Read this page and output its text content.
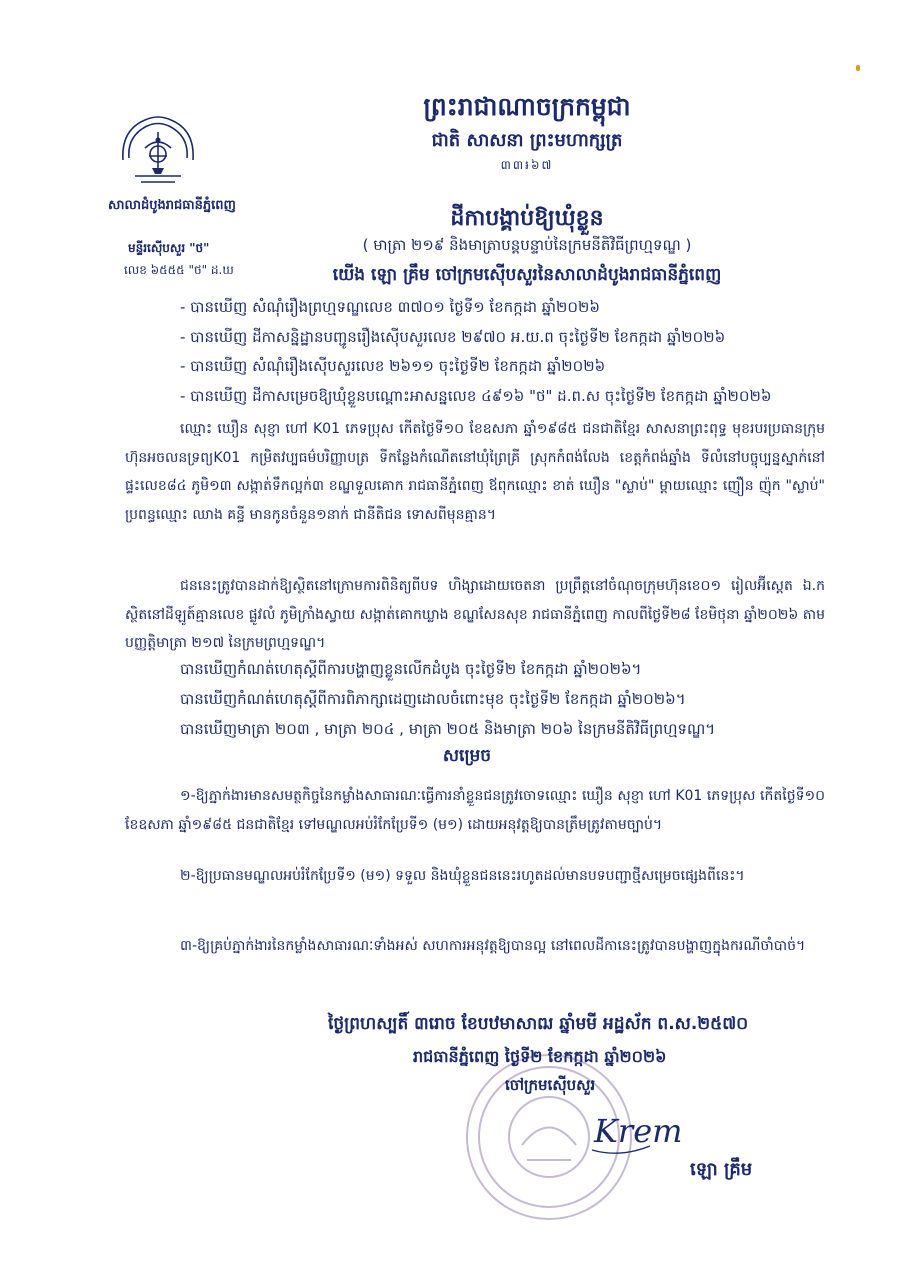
ព្រះរាជាណាចក្រកម្ពុជា
ជាតិ សាសនា ព្រះមហាក្សត្រ
៣៣៛៦៧
សាលាដំបូងរាជធានីភ្នំពេញ
មន្ទីរស៊ើបសួរ "ថ"
លេខ ៦៥៥៥ "ថ" ដ.ឃ
ដីកាបង្គាប់ឱ្យឃុំខ្លួន
( មាត្រា ២១៩ និងមាត្រាបន្តបន្ទាប់នៃក្រមនីតិវិធីព្រហ្មទណ្ឌ )
យើង ឡោ គ្រឹម ចៅក្រមស៊ើបសួរនៃសាលាដំបូងរាជធានីភ្នំពេញ
- បានឃើញ សំណុំរឿងព្រហ្មទណ្ឌលេខ ៣៧០១ ថ្ងៃទី១ ខែកក្កដា ឆ្នាំ២០២៦
- បានឃើញ ដីកាសន្និដ្ឋានបញ្ជូនរឿងស៊ើបសួរលេខ ២៩៧០ អ.យ.ព ចុះថ្ងៃទី២ ខែកក្កដា ឆ្នាំ២០២៦
- បានឃើញ សំណុំរឿងស៊ើបសួរលេខ ២៦១១ ចុះថ្ងៃទី២ ខែកក្កដា ឆ្នាំ២០២៦
- បានឃើញ ដីកាសម្រេចឱ្យឃុំខ្លួនបណ្ដោះអាសន្នលេខ ៤៩១៦ "ថ" ដ.ព.ស ចុះថ្ងៃទី២ ខែកក្កដា ឆ្នាំ២០២៦
ឈ្មោះ ឃឿន សុខ្ញា ហៅ K01 ភេទប្រុស កើតថ្ងៃទី១០ ខែឧសភា ឆ្នាំ១៩៨៥ ជនជាតិខ្មែរ សាសនាព្រះពុទ្ធ មុខរបរប្រធានក្រុមហ៊ុនអចលនទ្រព្យK01 កម្រិតវប្បធម៌បរិញ្ញាបត្រ ទីកន្លែងកំណើតនៅឃុំព្រៃគ្រី ស្រុកកំពង់លែង ខេត្តកំពង់ឆ្នាំង ទីលំនៅបច្ចុប្បន្នស្នាក់នៅផ្ទះលេខ៨៤ ភូមិ១៣ សង្កាត់ទឹកល្អក់៣ ខណ្ឌទួលគោក រាជធានីភ្នំពេញ ឪពុកឈ្មោះ ខាត់ ឃឿន "ស្លាប់" ម្ដាយឈ្មោះ ញឿន ញ៉ុក "ស្លាប់" ប្រពន្ធឈ្មោះ ឈាង គន្ធី មានកូនចំនួន១នាក់ ជានីតិជន ទោសពីមុនគ្មាន។
ជននេះត្រូវបានដាក់ឱ្យស្ថិតនៅក្រោមការពិនិត្យពីបទ ហិង្សាដោយចេតនា ប្រព្រឹត្តនៅចំណុចក្រុមហ៊ុនខេ០១ រៀលអ៊ីស្តេត ឯ.ក ស្ថិតនៅដីឡូត៍គ្មានលេខ ផ្លូវលំ ភូមិក្រាំងស្វាយ សង្កាត់គោកឃ្លាង ខណ្ឌសែនសុខ រាជធានីភ្នំពេញ កាលពីថ្ងៃទី២៨ ខែមិថុនា ឆ្នាំ២០២៦ តាមបញ្ញត្តិមាត្រា ២១៧ នៃក្រមព្រហ្មទណ្ឌ។
បានឃើញកំណត់ហេតុស្ដីពីការបង្ហាញខ្លួនលើកដំបូង ចុះថ្ងៃទី២ ខែកក្កដា ឆ្នាំ២០២៦។
បានឃើញកំណត់ហេតុស្ដីពីការពិភាក្សាដេញដោលចំពោះមុខ ចុះថ្ងៃទី២ ខែកក្កដា ឆ្នាំ២០២៦។
បានឃើញមាត្រា ២០៣ , មាត្រា ២០៤ , មាត្រា ២០៥ និងមាត្រា ២០៦ នៃក្រមនីតិវិធីព្រហ្មទណ្ឌ។
សម្រេច
១-ឱ្យភ្នាក់ងារមានសមត្ថកិច្ចនៃកម្លាំងសាធារណៈធ្វើការនាំខ្លួនជនត្រូវចោទឈ្មោះ ឃឿន សុខ្ញា ហៅ K01 ភេទប្រុស កើតថ្ងៃទី១០ ខែឧសភា ឆ្នាំ១៩៨៥ ជនជាតិខ្មែរ ទៅមណ្ឌលអប់រំកែប្រែទី១ (ម១) ដោយអនុវត្តឱ្យបានត្រឹមត្រូវតាមច្បាប់។
២-ឱ្យប្រធានមណ្ឌលអប់រំកែប្រែទី១ (ម១) ទទួល និងឃុំខ្លួនជននេះរហូតដល់មានបទបញ្ជាថ្មីសម្រេចផ្សេងពីនេះ។
៣-ឱ្យគ្រប់ភ្នាក់ងារនៃកម្លាំងសាធារណៈទាំងអស់ សហការអនុវត្តឱ្យបានល្អ នៅពេលដីកានេះត្រូវបានបង្ហាញក្នុងករណីចាំបាច់។
ថ្ងៃព្រហស្បតិ៍ ៣រោច ខែបឋមាសាឍ ឆ្នាំមមី អដ្ឋស័ក ព.ស.២៥៧០
រាជធានីភ្នំពេញ ថ្ងៃទី២ ខែកក្កដា ឆ្នាំ២០២៦
ចៅក្រមស៊ើបសួរ
Krem
ឡោ គ្រឹម
